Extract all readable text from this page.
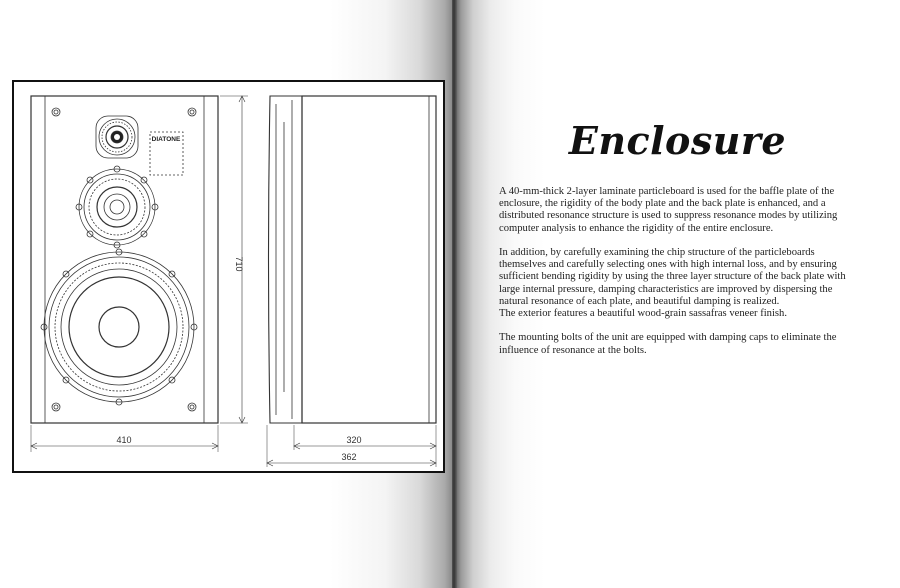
DIATONE
710
410	320
362
Enclosure

A 40-mm-thick 2-layer laminate particleboard is used for the baffle plate of the enclosure, the rigidity of the body plate and the back plate is enhanced, and a distributed resonance structure is used to suppress resonance modes by utilizing computer analysis to enhance the rigidity of the entire enclosure.

In addition, by carefully examining the chip structure of the particleboards themselves and carefully selecting ones with high internal loss, and by ensuring sufficient bending rigidity by using the three layer structure of the back plate with large internal pressure, damping characteristics are improved by dispersing the natural resonance of each plate, and beautiful damping is realized.

The exterior features a beautiful wood-grain sassafras veneer finish.

The mounting bolts of the unit are equipped with damping caps to eliminate the influence of resonance at the bolts.
